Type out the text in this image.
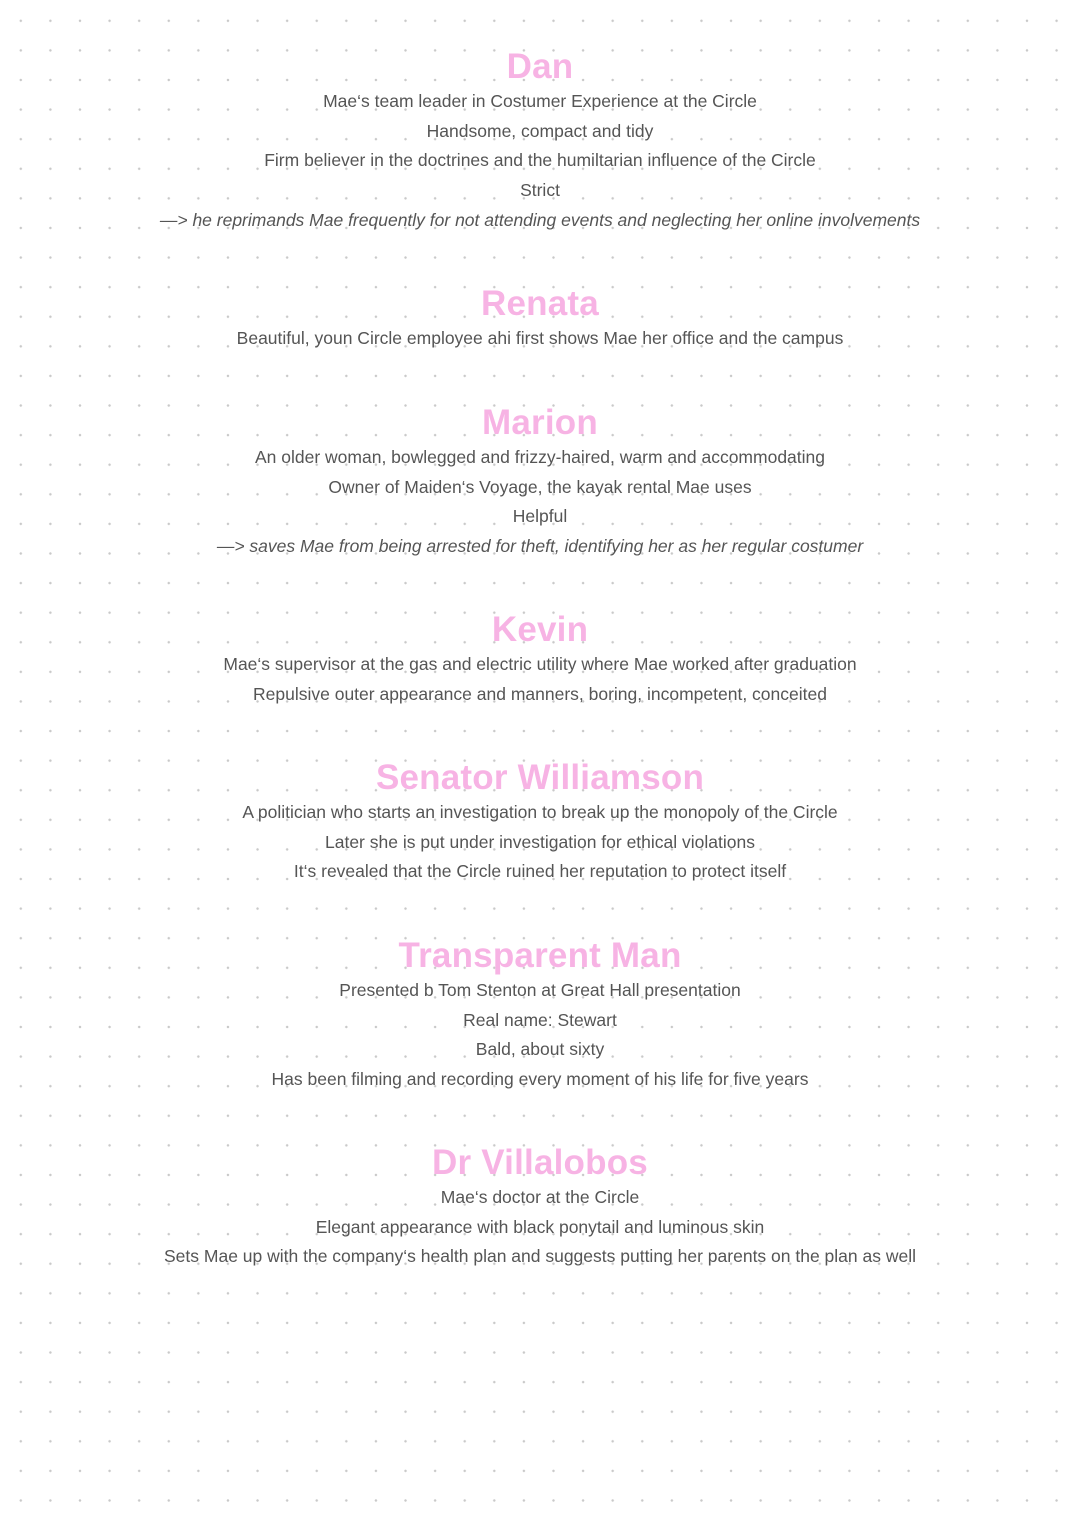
Dan
Mae‘s team leader in Costumer Experience at the Circle
Handsome, compact and tidy
Firm believer in the doctrines and the humiltarian influence of the Circle
Strict
—> he reprimands Mae frequently for not attending events and neglecting her online involvements
Renata
Beautiful, youn Circle employee ahi first shows Mae her office and the campus
Marion
An older woman, bowlegged and frizzy-haired, warm and accommodating
Owner of Maiden‘s Voyage, the kayak rental Mae uses
Helpful
—> saves Mae from being arrested for theft, identifying her as her regular costumer
Kevin
Mae‘s supervisor at the gas and electric utility where Mae worked after graduation
Repulsive outer appearance and manners, boring, incompetent, conceited
Senator Williamson
A politician who starts an investigation to break up the monopoly of the Circle
Later she is put under investigation for ethical violations
It‘s revealed that the Circle ruined her reputation to protect itself
Transparent Man
Presented b Tom Stenton at Great Hall presentation
Real name: Stewart
Bald, about sixty
Has been filming and recording every moment of his life for five years
Dr Villalobos
Mae‘s doctor at the Circle
Elegant appearance with black ponytail and luminous skin
Sets Mae up with the company‘s health plan and suggests putting her parents on the plan as well
